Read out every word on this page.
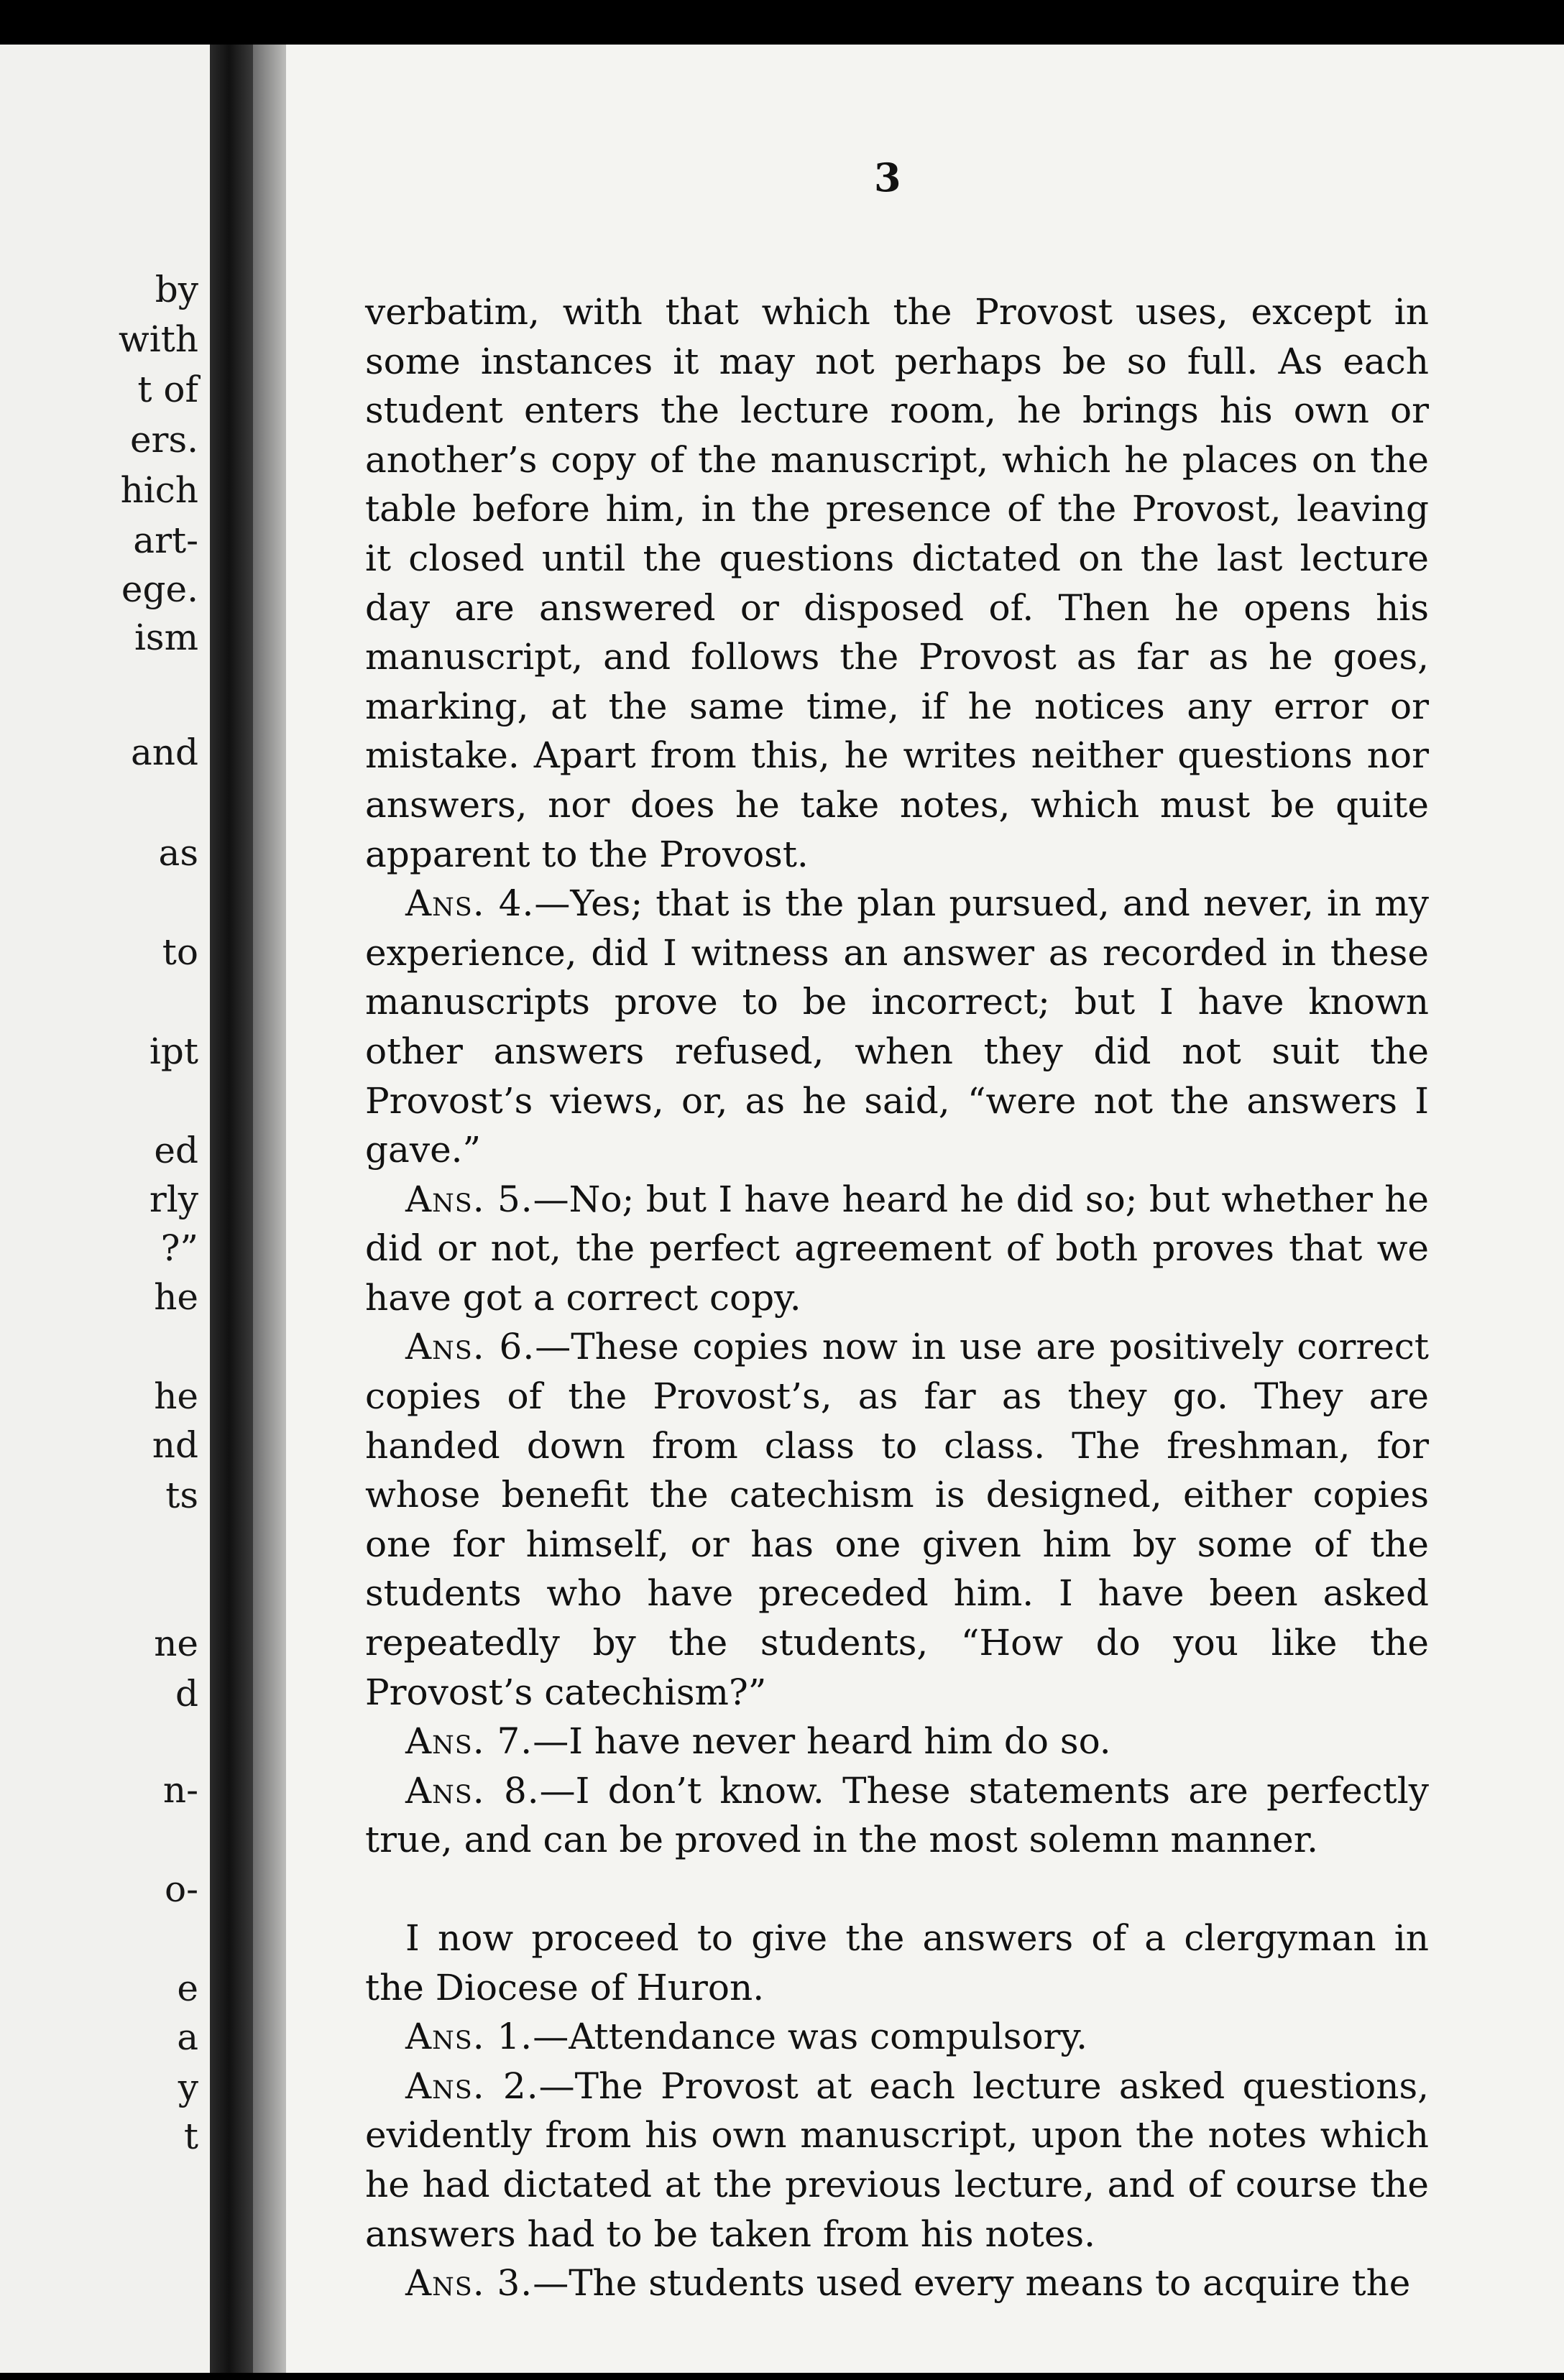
by

with

t of

ers.

hich

art-

ege.

ism

and

as

to

ipt

ed

rly

?”

he

he

nd

ts

ne

d

n-

o-

e

a

y

t

3

verbatim, with that which the Provost uses, except in some instances it may not perhaps be so full. As each student enters the lecture room, he brings his own or another’s copy of the manuscript, which he places on the table before him, in the presence of the Provost, leaving it closed until the questions dictated on the last lecture day are answered or disposed of. Then he opens his manuscript, and follows the Provost as far as he goes, marking, at the same time, if he notices any error or mistake. Apart from this, he writes neither questions nor answers, nor does he take notes, which must be quite apparent to the Provost.

Ans. 4.—Yes; that is the plan pursued, and never, in my experience, did I witness an answer as recorded in these manuscripts prove to be incorrect; but I have known other answers refused, when they did not suit the Provost’s views, or, as he said, “were not the answers I gave.”

Ans. 5.—No; but I have heard he did so; but whether he did or not, the perfect agreement of both proves that we have got a correct copy.

Ans. 6.—These copies now in use are positively correct copies of the Provost’s, as far as they go. They are handed down from class to class. The freshman, for whose benefit the catechism is designed, either copies one for himself, or has one given him by some of the students who have preceded him. I have been asked repeatedly by the students, “How do you like the Provost’s catechism?”

Ans. 7.—I have never heard him do so.

Ans. 8.—I don’t know. These statements are perfectly true, and can be proved in the most solemn manner.

I now proceed to give the answers of a clergyman in the Diocese of Huron.

Ans. 1.—Attendance was compulsory.

Ans. 2.—The Provost at each lecture asked questions, evidently from his own manuscript, upon the notes which he had dictated at the previous lecture, and of course the answers had to be taken from his notes.

Ans. 3.—The students used every means to acquire the
